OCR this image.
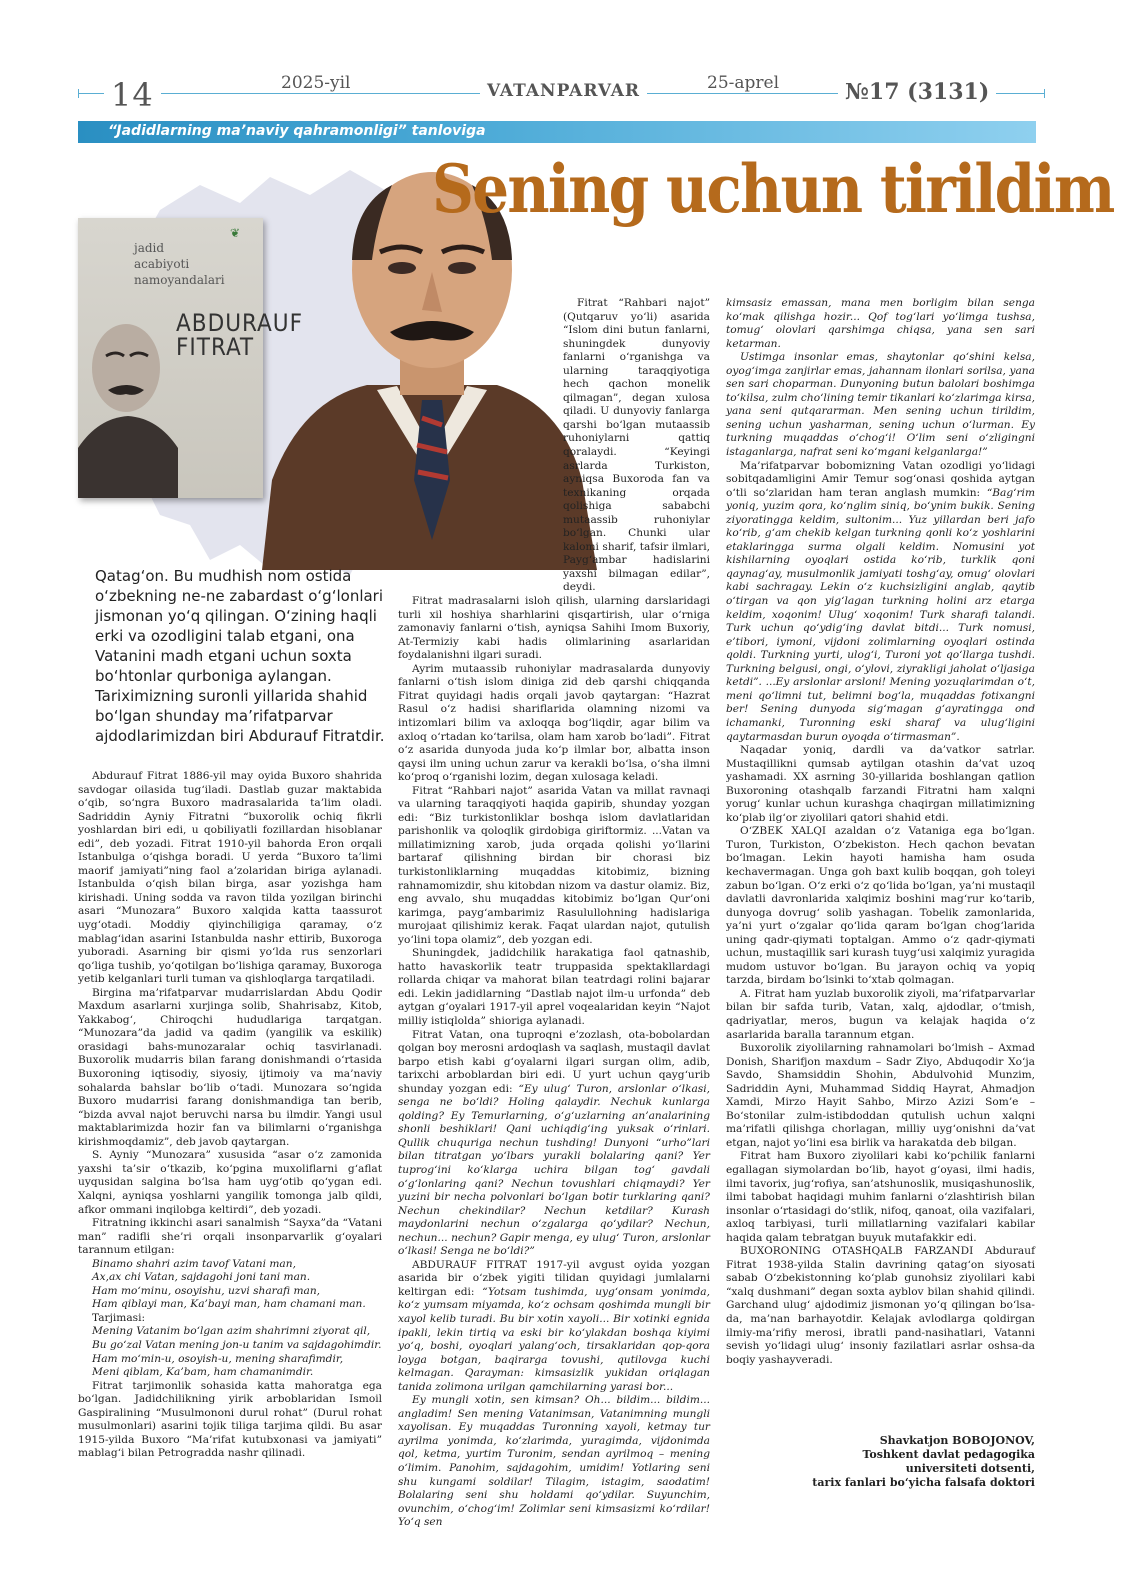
14	2025-yil	VATANPARVAR	25-aprel	№17 (3131)
“Jadidlarning ma’naviy qahramonligi” tanloviga
❦
jadid
acabiyoti
namoyandalari
ABDURAUF
FITRAT
Sening uchun tirildim
Qatag‘on. Bu mudhish nom ostida o‘zbekning ne-ne zabardast o‘g‘lonlari jismonan yo‘q qilingan. O‘zining haqli erki va ozodligini talab etgani, ona Vatanini madh etgani uchun soxta bo‘htonlar qurboniga aylangan. Tariximizning suronli yillarida shahid bo‘lgan shunday ma’rifatparvar ajdodlarimizdan biri Abdurauf Fitratdir.

Abdurauf Fitrat 1886-yil may oyida Buxoro shahrida savdogar oilasida tug‘iladi. Dastlab guzar maktabida o‘qib, so‘ngra Buxoro madrasalarida ta’lim oladi. Sadriddin Ayniy Fitratni “buxorolik ochiq fikrli yoshlardan biri edi, u qobiliyatli fozillardan hisoblanar edi”, deb yozadi. Fitrat 1910-yil bahorda Eron orqali Istanbulga o‘qishga boradi. U yerda “Buxoro ta’limi maorif jamiyati”ning faol a’zolaridan biriga aylanadi. Istanbulda o‘qish bilan birga, asar yozishga ham kirishadi. Uning sodda va ravon tilda yozilgan birinchi asari “Munozara” Buxoro xalqida katta taassurot uyg‘otadi. Moddiy qiyinchiligiga qaramay, o‘z mablag‘idan asarini Istanbulda nashr ettirib, Buxoroga yuboradi. Asarning bir qismi yo‘lda rus senzorlari qo‘liga tushib, yo‘qotilgan bo‘lishiga qaramay, Buxoroga yetib kelganlari turli tuman va qishloqlarga tarqatiladi.

Birgina ma’rifatparvar mudarrislardan Abdu Qodir Maxdum asarlarni xurjinga solib, Shahrisabz, Kitob, Yakkabog‘, Chiroqchi hududlariga tarqatgan. “Munozara”da jadid va qadim (yangilik va eskilik) orasidagi bahs-munozaralar ochiq tasvirlanadi. Buxorolik mudarris bilan farang donishmandi o‘rtasida Buxoroning iqtisodiy, siyosiy, ijtimoiy va ma’naviy sohalarda bahslar bo‘lib o‘tadi. Munozara so‘ngida Buxoro mudarrisi farang donishmandiga tan berib, “bizda avval najot beruvchi narsa bu ilmdir. Yangi usul maktablarimizda hozir fan va bilimlarni o‘rganishga kirishmoqdamiz”, deb javob qaytargan.

S. Ayniy “Munozara” xususida “asar o‘z zamonida yaxshi ta’sir o‘tkazib, ko‘pgina muxoliflarni g‘aflat uyqusidan salgina bo‘lsa ham uyg‘otib qo‘ygan edi. Xalqni, ayniqsa yoshlarni yangilik tomonga jalb qildi, afkor ommani inqilobga keltirdi”, deb yozadi.

Fitratning ikkinchi asari sanalmish “Sayxa”da “Vatani man” radifli she’ri orqali insonparvarlik g‘oyalari tarannum etilgan:

Binamo shahri azim tavof Vatani man,

Ax,ax chi Vatan, sajdagohi joni tani man.

Ham mo‘minu, osoyishu, uzvi sharafi man,

Ham qiblayi man, Ka’bayi man, ham chamani man.

Tarjimasi:

Mening Vatanim bo‘lgan azim shahrimni ziyorat qil,

Bu go‘zal Vatan mening jon-u tanim va sajdagohimdir.

Ham mo‘min-u, osoyish-u, mening sharafimdir,

Meni qiblam, Ka’bam, ham chamanimdir.

Fitrat tarjimonlik sohasida katta mahoratga ega bo‘lgan. Jadidchilikning yirik arboblaridan Ismoil Gaspiralining “Musulmononi durul rohat” (Durul rohat musulmonlari) asarini tojik tiliga tarjima qildi. Bu asar 1915-yilda Buxoro “Ma’rifat kutubxonasi va jamiyati” mablag‘i bilan Petrogradda nashr qilinadi.

Fitrat “Rahbari najot” (Qutqaruv yo‘li) asarida “Islom dini butun fanlarni, shuningdek dunyoviy fanlarni o‘rganishga va ularning taraqqiyotiga hech qachon monelik qilmagan”, degan xulosa qiladi. U dunyoviy fanlarga qarshi bo‘lgan mutaassib ruhoniylarni qattiq qoralaydi. “Keyingi asrlarda Turkiston, ayniqsa Buxoroda fan va texnikaning orqada qolishiga sababchi mutaassib ruhoniylar bo‘lgan. Chunki ular kalomi sharif, tafsir ilmlari, Payg‘ambar hadislarini yaxshi bilmagan edilar”, deydi.

Fitrat madrasalarni isloh qilish, ularning darslaridagi turli xil hoshiya sharhlarini qisqartirish, ular o‘rniga zamonaviy fanlarni o‘tish, ayniqsa Sahihi Imom Buxoriy, At-Termiziy kabi hadis olimlarining asarlaridan foydalanishni ilgari suradi.

Ayrim mutaassib ruhoniylar madrasalarda dunyoviy fanlarni o‘tish islom diniga zid deb qarshi chiqqanda Fitrat quyidagi hadis orqali javob qaytargan: “Hazrat Rasul o‘z hadisi shariflarida olamning nizomi va intizomlari bilim va axloqqa bog‘liqdir, agar bilim va axloq o‘rtadan ko‘tarilsa, olam ham xarob bo‘ladi”. Fitrat o‘z asarida dunyoda juda ko‘p ilmlar bor, albatta inson qaysi ilm uning uchun zarur va kerakli bo‘lsa, o‘sha ilmni ko‘proq o‘rganishi lozim, degan xulosaga keladi.

Fitrat “Rahbari najot” asarida Vatan va millat ravnaqi va ularning taraqqiyoti haqida gapirib, shunday yozgan edi: “Biz turkistonliklar boshqa islom davlatlaridan parishonlik va qoloqlik girdobiga giriftormiz. ...Vatan va millatimizning xarob, juda orqada qolishi yo‘llarini bartaraf qilishning birdan bir chorasi biz turkistonliklarning muqaddas kitobimiz, bizning rahnamomizdir, shu kitobdan nizom va dastur olamiz. Biz, eng avvalo, shu muqaddas kitobimiz bo‘lgan Qur’oni karimga, payg‘ambarimiz Rasulullohning hadislariga murojaat qilishimiz kerak. Faqat ulardan najot, qutulish yo‘lini topa olamiz”, deb yozgan edi.

Shuningdek, jadidchilik harakatiga faol qatnashib, hatto havaskorlik teatr truppasida spektakllardagi rollarda chiqar va mahorat bilan teatrdagi rolini bajarar edi. Lekin jadidlarning “Dastlab najot ilm-u urfonda” deb aytgan g‘oyalari 1917-yil aprel voqealaridan keyin “Najot milliy istiqlolda” shioriga aylanadi.

Fitrat Vatan, ona tuproqni e’zozlash, ota-bobolardan qolgan boy merosni ardoqlash va saqlash, mustaqil davlat barpo etish kabi g‘oyalarni ilgari surgan olim, adib, tarixchi arboblardan biri edi. U yurt uchun qayg‘urib shunday yozgan edi: “Ey ulug‘ Turon, arslonlar o‘lkasi, senga ne bo‘ldi? Holing qalaydir. Nechuk kunlarga qolding? Ey Temurlarning, o‘g‘uzlarning an’analarining shonli beshiklari! Qani uchiqdig‘ing yuksak o‘rinlari. Qullik chuqurіga nechun tushding! Dunyoni “urho”lari bilan titratgan yo‘lbars yurakli bolalaring qani? Yer tuprog‘ini ko‘klarga uchira bilgan tog‘ gavdali o‘g‘lonlaring qani? Nechun tovushlari chiqmaydi? Yer yuzini bir necha polvonlari bo‘lgan botir turklaring qani? Nechun chekindilar? Nechun ketdilar? Kurash maydonlarini nechun o‘zgalarga qo‘ydilar? Nechun, nechun... nechun? Gapir menga, ey ulug‘ Turon, arslonlar o‘lkasi! Senga ne bo‘ldi?”

ABDURAUF FITRAT 1917-yil avgust oyida yozgan asarida bir o‘zbek yigiti tilidan quyidagi jumlalarni keltirgan edi: “Yotsam tushimda, uyg‘onsam yonimda, ko‘z yumsam miyamda, ko‘z ochsam qoshimda mungli bir xayol kelib turadi. Bu bir xotin xayoli... Bir xotinki egnida ipakli, lekin tirtiq va eski bir ko‘ylakdan boshqa kiyimi yo‘q, boshi, oyoqlari yalang‘och, tirsaklaridan qop-qora loyga botgan, baqirarga tovushi, qutilovga kuchi kelmagan. Qarayman: kimsasizlik yukidan oriqlagan tanida zolimona urilgan qamchilarning yarasi bor...

Ey mungli xotin, sen kimsan? Oh... bildim... bildim... angladim! Sen mening Vatanimsan, Vatanimning mungli xayolisan. Ey muqaddas Turonning xayoli, ketmay tur ayrilma yonimda, ko‘zlarimda, yuragimda, vijdonimda qol, ketma, yurtim Turonim, sendan ayrilmoq – mening o‘limim. Panohim, sajdagohim, umidim! Yotlaring seni shu kungami soldilar! Tilagim, istagim, saodatim! Bolalaring seni shu holdami qo‘ydilar. Suyunchim, ovunchim, o‘chog‘im! Zolimlar seni kimsasizmi ko‘rdilar! Yo‘q sen

kimsasiz emassan, mana men borligim bilan senga ko‘mak qilishga hozir... Qof tog‘lari yo‘limga tushsa, tomug‘ olovlari qarshimga chiqsa, yana sen sari ketarman.

Ustimga insonlar emas, shaytonlar qo‘shini kelsa, oyog‘imga zanjirlar emas, jahannam ilonlari sorilsa, yana sen sari choparman. Dunyoning butun balolari boshimga to‘kilsa, zulm cho‘lining temir tikanlari ko‘zlarimga kirsa, yana seni qutqararman. Men sening uchun tirildim, sening uchun yasharman, sening uchun o‘lurman. Ey turkning muqaddas o‘chog‘i! O‘lim seni o‘zligingni istaganlarga, nafrat seni ko‘mgani kelganlarga!”

Ma’rifatparvar bobomizning Vatan ozodligi yo‘lidagi sobitqadamligini Amir Temur sog‘onasi qoshida aytgan o‘tli so‘zlaridan ham teran anglash mumkin: “Bag‘rim yoniq, yuzim qora, ko‘nglim siniq, bo‘ynim bukik. Sening ziyoratingga keldim, sultonim... Yuz yillardan beri jafo ko‘rib, g‘am chekib kelgan turkning qonli ko‘z yoshlarini etaklaringga surma olgali keldim. Nomusini yot kishilarning oyoqlari ostida ko‘rib, turklik qoni qaynag‘ay, musulmonlik jamiyati toshg‘ay, omug‘ olovlari kabi sachragay. Lekin o‘z kuchsizligini anglab, qaytib o‘tirgan va qon yig‘lagan turkning holini arz etarga keldim, xoqonim! Ulug‘ xoqonim! Turk sharafi talandi. Turk uchun qo‘ydig‘ing davlat bitdi... Turk nomusi, e’tibori, iymoni, vijdoni zolimlarning oyoqlari ostinda qoldi. Turkning yurti, ulog‘i, Turoni yot qo‘llarga tushdi. Turkning belgusi, ongi, o‘ylovi, ziyrakligi jaholat o‘ljasiga ketdi”. ...Ey arslonlar arsloni! Mening yozuqlarimdan o‘t, meni qo‘limni tut, belimni bog‘la, muqaddas fotixangni ber! Sening dunyoda sig‘magan g‘ayratingga ond ichamanki, Turonning eski sharaf va ulug‘ligini qaytarmasdan burun oyoqda o‘tirmasman”.

Naqadar yoniq, dardli va da’vatkor satrlar. Mustaqillikni qumsab aytilgan otashin da’vat uzoq yashamadi. XX asrning 30-yillarida boshlangan qatlion Buxoroning otashqalb farzandi Fitratni ham xalqni yorug‘ kunlar uchun kurashga chaqirgan millatimizning ko‘plab ilg‘or ziyolilari qatori shahid etdi.

O‘ZBEK XALQI azaldan o‘z Vataniga ega bo‘lgan. Turon, Turkiston, O‘zbekiston. Hech qachon bevatan bo‘lmagan. Lekin hayoti hamisha ham osuda kechavermagan. Unga goh baxt kulib boqqan, goh toleyi zabun bo‘lgan. O‘z erki o‘z qo‘lida bo‘lgan, ya’ni mustaqil davlatli davronlarida xalqimiz boshini mag‘rur ko‘tarib, dunyoga dovrug‘ solib yashagan. Tobelik zamonlarida, ya’ni yurt o‘zgalar qo‘lida qaram bo‘lgan chog‘larida uning qadr-qiymati toptalgan. Ammo o‘z qadr-qiymati uchun, mustaqillik sari kurash tuyg‘usi xalqimiz yuragida mudom ustuvor bo‘lgan. Bu jarayon ochiq va yopiq tarzda, birdam bo‘lsinki to‘xtab qolmagan.

A. Fitrat ham yuzlab buxorolik ziyoli, ma’rifatparvarlar bilan bir safda turib, Vatan, xalq, ajdodlar, o‘tmish, qadriyatlar, meros, bugun va kelajak haqida o‘z asarlarida baralla tarannum etgan.

Buxorolik ziyolilarning rahnamolari bo‘lmish – Axmad Donish, Sharifjon maxdum – Sadr Ziyo, Abduqodir Xo‘ja Savdo, Shamsiddin Shohin, Abdulvohid Munzim, Sadriddin Ayni, Muhammad Siddiq Hayrat, Ahmadjon Xamdi, Mirzo Hayit Sahbo, Mirzo Azizi Som’e – Bo‘stonilar zulm-istibdoddan qutulish uchun xalqni ma’rifatli qilishga chorlagan, milliy uyg‘onishni da’vat etgan, najot yo‘lini esa birlik va harakatda deb bilgan.

Fitrat ham Buxoro ziyolilari kabi ko‘pchilik fanlarni egallagan siymolardan bo‘lib, hayot g‘oyasi, ilmi hadis, ilmi tavorix, jug‘rofiya, san’atshunoslik, musiqashunoslik, ilmi tabobat haqidagi muhim fanlarni o‘zlashtirish bilan insonlar o‘rtasidagi do‘stlik, nifoq, qanoat, oila vazifalari, axloq tarbiyasi, turli millatlarning vazifalari kabilar haqida qalam tebratgan buyuk mutafakkir edi.

BUXORONING OTASHQALB FARZANDI Abdurauf Fitrat 1938-yilda Stalin davrining qatag‘on siyosati sabab O‘zbekistonning ko‘plab gunohsiz ziyolilari kabi “xalq dushmani” degan soxta ayblov bilan shahid qilindi. Garchand ulug‘ ajdodimiz jismonan yo‘q qilingan bo‘lsa-da, ma’nan barhayotdir. Kelajak avlodlarga qoldirgan ilmiy-ma’rifiy merosi, ibratli pand-nasihatlari, Vatanni sevish yo‘lidagi ulug‘ insoniy fazilatlari asrlar oshsa-da boqiy yashayveradi.

Shavkatjon BOBOJONOV,
Toshkent davlat pedagogika
universiteti dotsenti,
tarix fanlari bo‘yicha falsafa doktori
